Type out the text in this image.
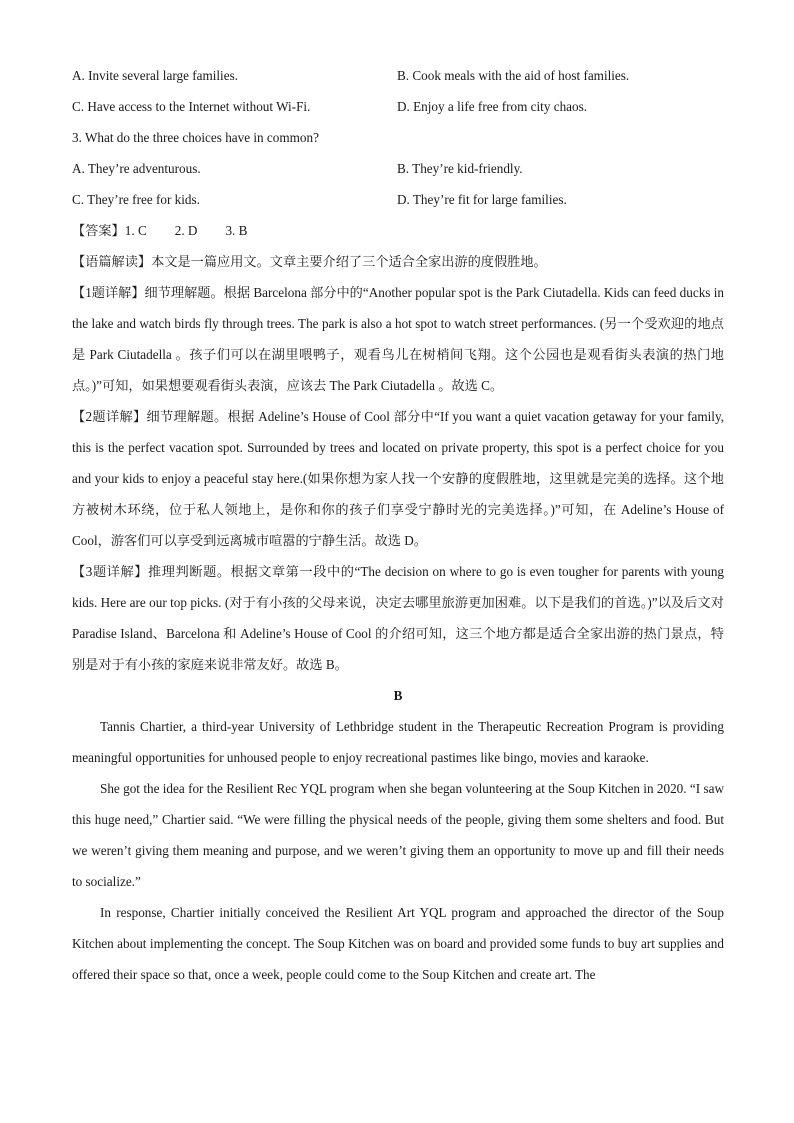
A. Invite several large families.	B. Cook meals with the aid of host families.
C. Have access to the Internet without Wi-Fi.	D. Enjoy a life free from city chaos.
3. What do the three choices have in common?
A. They’re adventurous.	B. They’re kid-friendly.
C. They’re free for kids.	D. They’re fit for large families.
【答案】1. C 2. D 3. B

【语篇解读】本文是一篇应用文。文章主要介绍了三个适合全家出游的度假胜地。

【1题详解】细节理解题。根据 Barcelona 部分中的“Another popular spot is the Park Ciutadella. Kids can feed ducks in the lake and watch birds fly through trees. The park is also a hot spot to watch street performances. (另一个受欢迎的地点是 Park Ciutadella 。孩子们可以在湖里喂鸭子，观看鸟儿在树梢间飞翔。这个公园也是观看街头表演的热门地点。)”可知，如果想要观看街头表演，应该去 The Park Ciutadella 。故选 C。

【2题详解】细节理解题。根据 Adeline’s House of Cool 部分中“If you want a quiet vacation getaway for your family, this is the perfect vacation spot. Surrounded by trees and located on private property, this spot is a perfect choice for you and your kids to enjoy a peaceful stay here.(如果你想为家人找一个安静的度假胜地，这里就是完美的选择。这个地方被树木环绕，位于私人领地上，是你和你的孩子们享受宁静时光的完美选择。)”可知，在 Adeline’s House of Cool，游客们可以享受到远离城市喧嚣的宁静生活。故选 D。

【3题详解】推理判断题。根据文章第一段中的“The decision on where to go is even tougher for parents with young kids. Here are our top picks. (对于有小孩的父母来说，决定去哪里旅游更加困难。以下是我们的首选。)”以及后文对 Paradise Island、Barcelona 和 Adeline’s House of Cool 的介绍可知，这三个地方都是适合全家出游的热门景点，特别是对于有小孩的家庭来说非常友好。故选 B。

B

Tannis Chartier, a third-year University of Lethbridge student in the Therapeutic Recreation Program is providing meaningful opportunities for unhoused people to enjoy recreational pastimes like bingo, movies and karaoke.

She got the idea for the Resilient Rec YQL program when she began volunteering at the Soup Kitchen in 2020. “I saw this huge need,” Chartier said. “We were filling the physical needs of the people, giving them some shelters and food. But we weren’t giving them meaning and purpose, and we weren’t giving them an opportunity to move up and fill their needs to socialize.”

In response, Chartier initially conceived the Resilient Art YQL program and approached the director of the Soup Kitchen about implementing the concept. The Soup Kitchen was on board and provided some funds to buy art supplies and offered their space so that, once a week, people could come to the Soup Kitchen and create art. The
